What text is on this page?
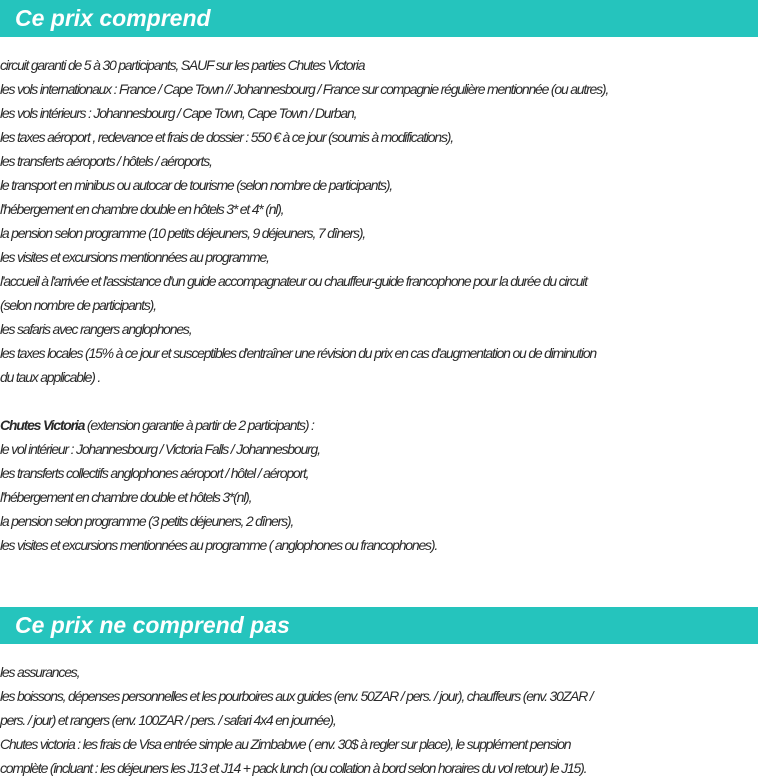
Ce prix comprend

circuit garanti de 5 à 30 participants, SAUF sur les parties Chutes Victoria

les vols internationaux : France / Cape Town // Johannesbourg / France sur compagnie régulière mentionnée (ou autres),

les vols intérieurs : Johannesbourg / Cape Town, Cape Town / Durban,

les taxes aéroport , redevance et frais de dossier : 550 € à ce jour (soumis à modifications),

les transferts aéroports / hôtels / aéroports,

le transport en minibus ou autocar de tourisme (selon nombre de participants),

l'hébergement en chambre double en hôtels 3* et 4* (nl),

la pension selon programme (10 petits déjeuners, 9 déjeuners, 7 dîners),

les visites et excursions mentionnées au programme,

l'accueil à l'arrivée et l'assistance d'un guide accompagnateur ou chauffeur-guide francophone pour la durée du circuit

(selon nombre de participants),

les safaris avec rangers anglophones,

les taxes locales (15% à ce jour et susceptibles d'entraîner une révision du prix en cas d'augmentation ou de diminution

du taux applicable) .

Chutes Victoria (extension garantie à partir de 2 participants) :

le vol intérieur : Johannesbourg / Victoria Falls / Johannesbourg,

les transferts collectifs anglophones aéroport / hôtel / aéroport,

l'hébergement en chambre double et hôtels 3*(nl),

la pension selon programme (3 petits déjeuners, 2 dîners),

les visites et excursions mentionnées au programme ( anglophones ou francophones).

Ce prix ne comprend pas

les assurances,

les boissons, dépenses personnelles et les pourboires aux guides (env. 50ZAR / pers. / jour), chauffeurs (env. 30ZAR /

pers. / jour) et rangers (env. 100ZAR / pers. / safari 4x4 en journée),

Chutes victoria : les frais de Visa entrée simple au Zimbabwe ( env. 30$ à regler sur place), le supplément pension

complète (incluant : les déjeuners les J13 et J14 + pack lunch (ou collation à bord selon horaires du vol retour) le J15).
